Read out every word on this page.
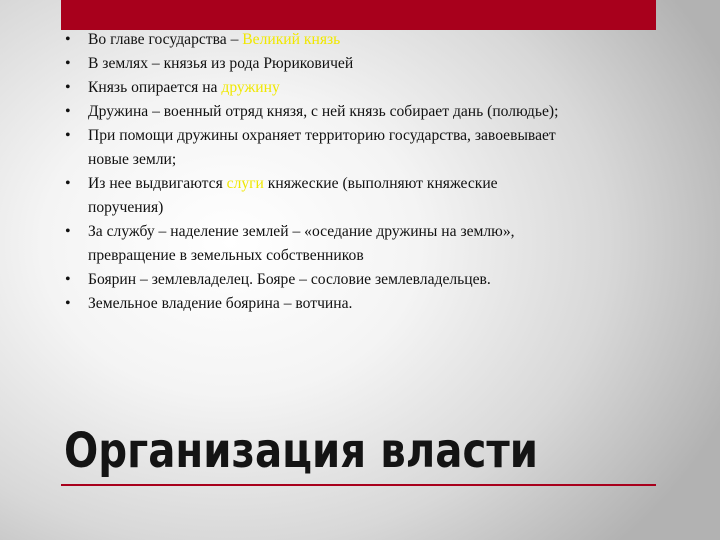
• Во главе государства – Великий князь
• В землях – князья из рода Рюриковичей
• Князь опирается на дружину
• Дружина – военный отряд князя, с ней князь собирает дань (полюдье);
• При помощи дружины охраняет территорию государства, завоевывает
новые земли;
• Из нее выдвигаются слуги княжеские (выполняют княжеские
поручения)
• За службу – наделение землей – «оседание дружины на землю»,
превращение в земельных собственников
• Боярин – землевладелец. Бояре – сословие землевладельцев.
• Земельное владение боярина – вотчина.
Организация власти
